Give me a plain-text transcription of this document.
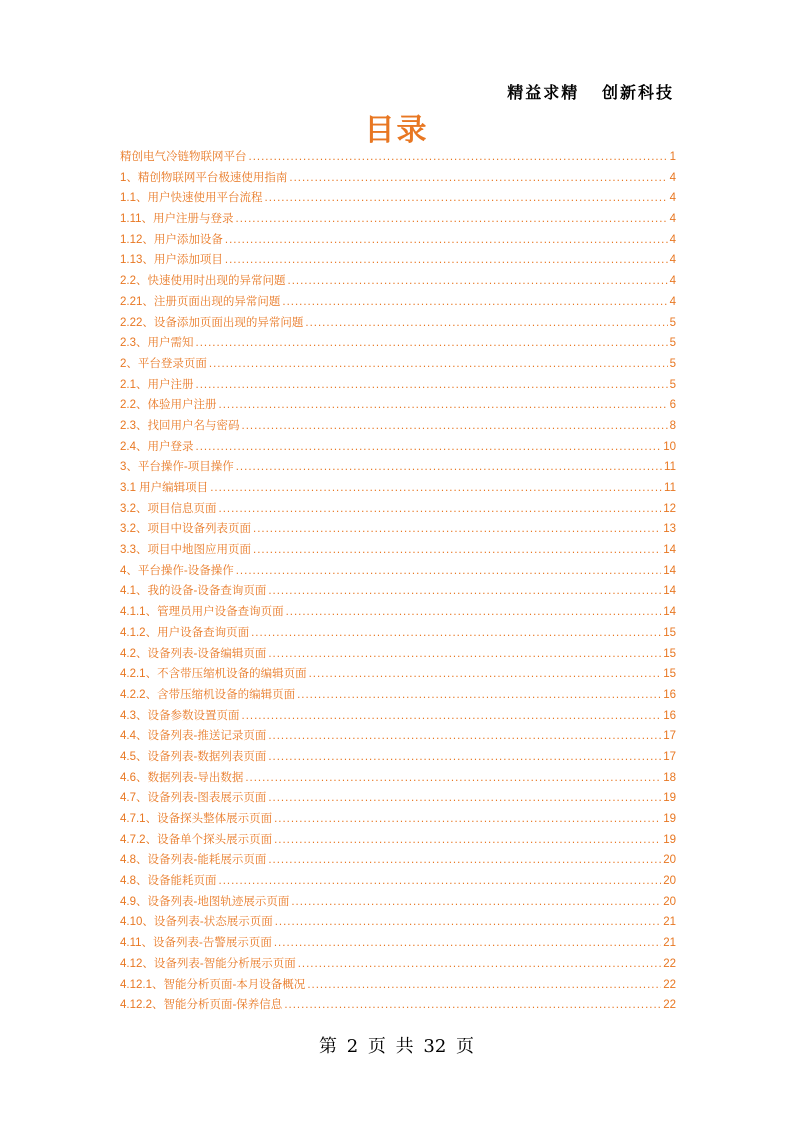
精益求精   创新科技
目录
精创电气冷链物联网平台 .....	1
1、精创物联网平台极速使用指南 .....	4
1.1、用户快速使用平台流程 .....	4
1.11、用户注册与登录 .....	4
1.12、用户添加设备 .....	4
1.13、用户添加项目 .....	4
2.2、快速使用时出现的异常问题 .....	4
2.21、注册页面出现的异常问题 .....	4
2.22、设备添加页面出现的异常问题 .....	5
2.3、用户需知 .....	5
2、平台登录页面 .....	5
2.1、用户注册 .....	5
2.2、体验用户注册 .....	6
2.3、找回用户名与密码 .....	8
2.4、用户登录 .....	10
3、平台操作-项目操作 .....	11
3.1 用户编辑项目 .....	11
3.2、项目信息页面 .....	12
3.2、项目中设备列表页面 .....	13
3.3、项目中地图应用页面 .....	14
4、平台操作-设备操作 .....	14
4.1、我的设备-设备查询页面 .....	14
4.1.1、管理员用户设备查询页面 .....	14
4.1.2、用户设备查询页面 .....	15
4.2、设备列表-设备编辑页面 .....	15
4.2.1、不含带压缩机设备的编辑页面 .....	15
4.2.2、含带压缩机设备的编辑页面 .....	16
4.3、设备参数设置页面 .....	16
4.4、设备列表-推送记录页面 .....	17
4.5、设备列表-数据列表页面 .....	17
4.6、数据列表-导出数据 .....	18
4.7、设备列表-图表展示页面 .....	19
4.7.1、设备探头整体展示页面 .....	19
4.7.2、设备单个探头展示页面 .....	19
4.8、设备列表-能耗展示页面 .....	20
4.8、设备能耗页面 .....	20
4.9、设备列表-地图轨迹展示页面 .....	20
4.10、设备列表-状态展示页面 .....	21
4.11、设备列表-告警展示页面 .....	21
4.12、设备列表-智能分析展示页面 .....	22
4.12.1、智能分析页面-本月设备概况 .....	22
4.12.2、智能分析页面-保养信息 .....	22
第 2 页 共 32 页
